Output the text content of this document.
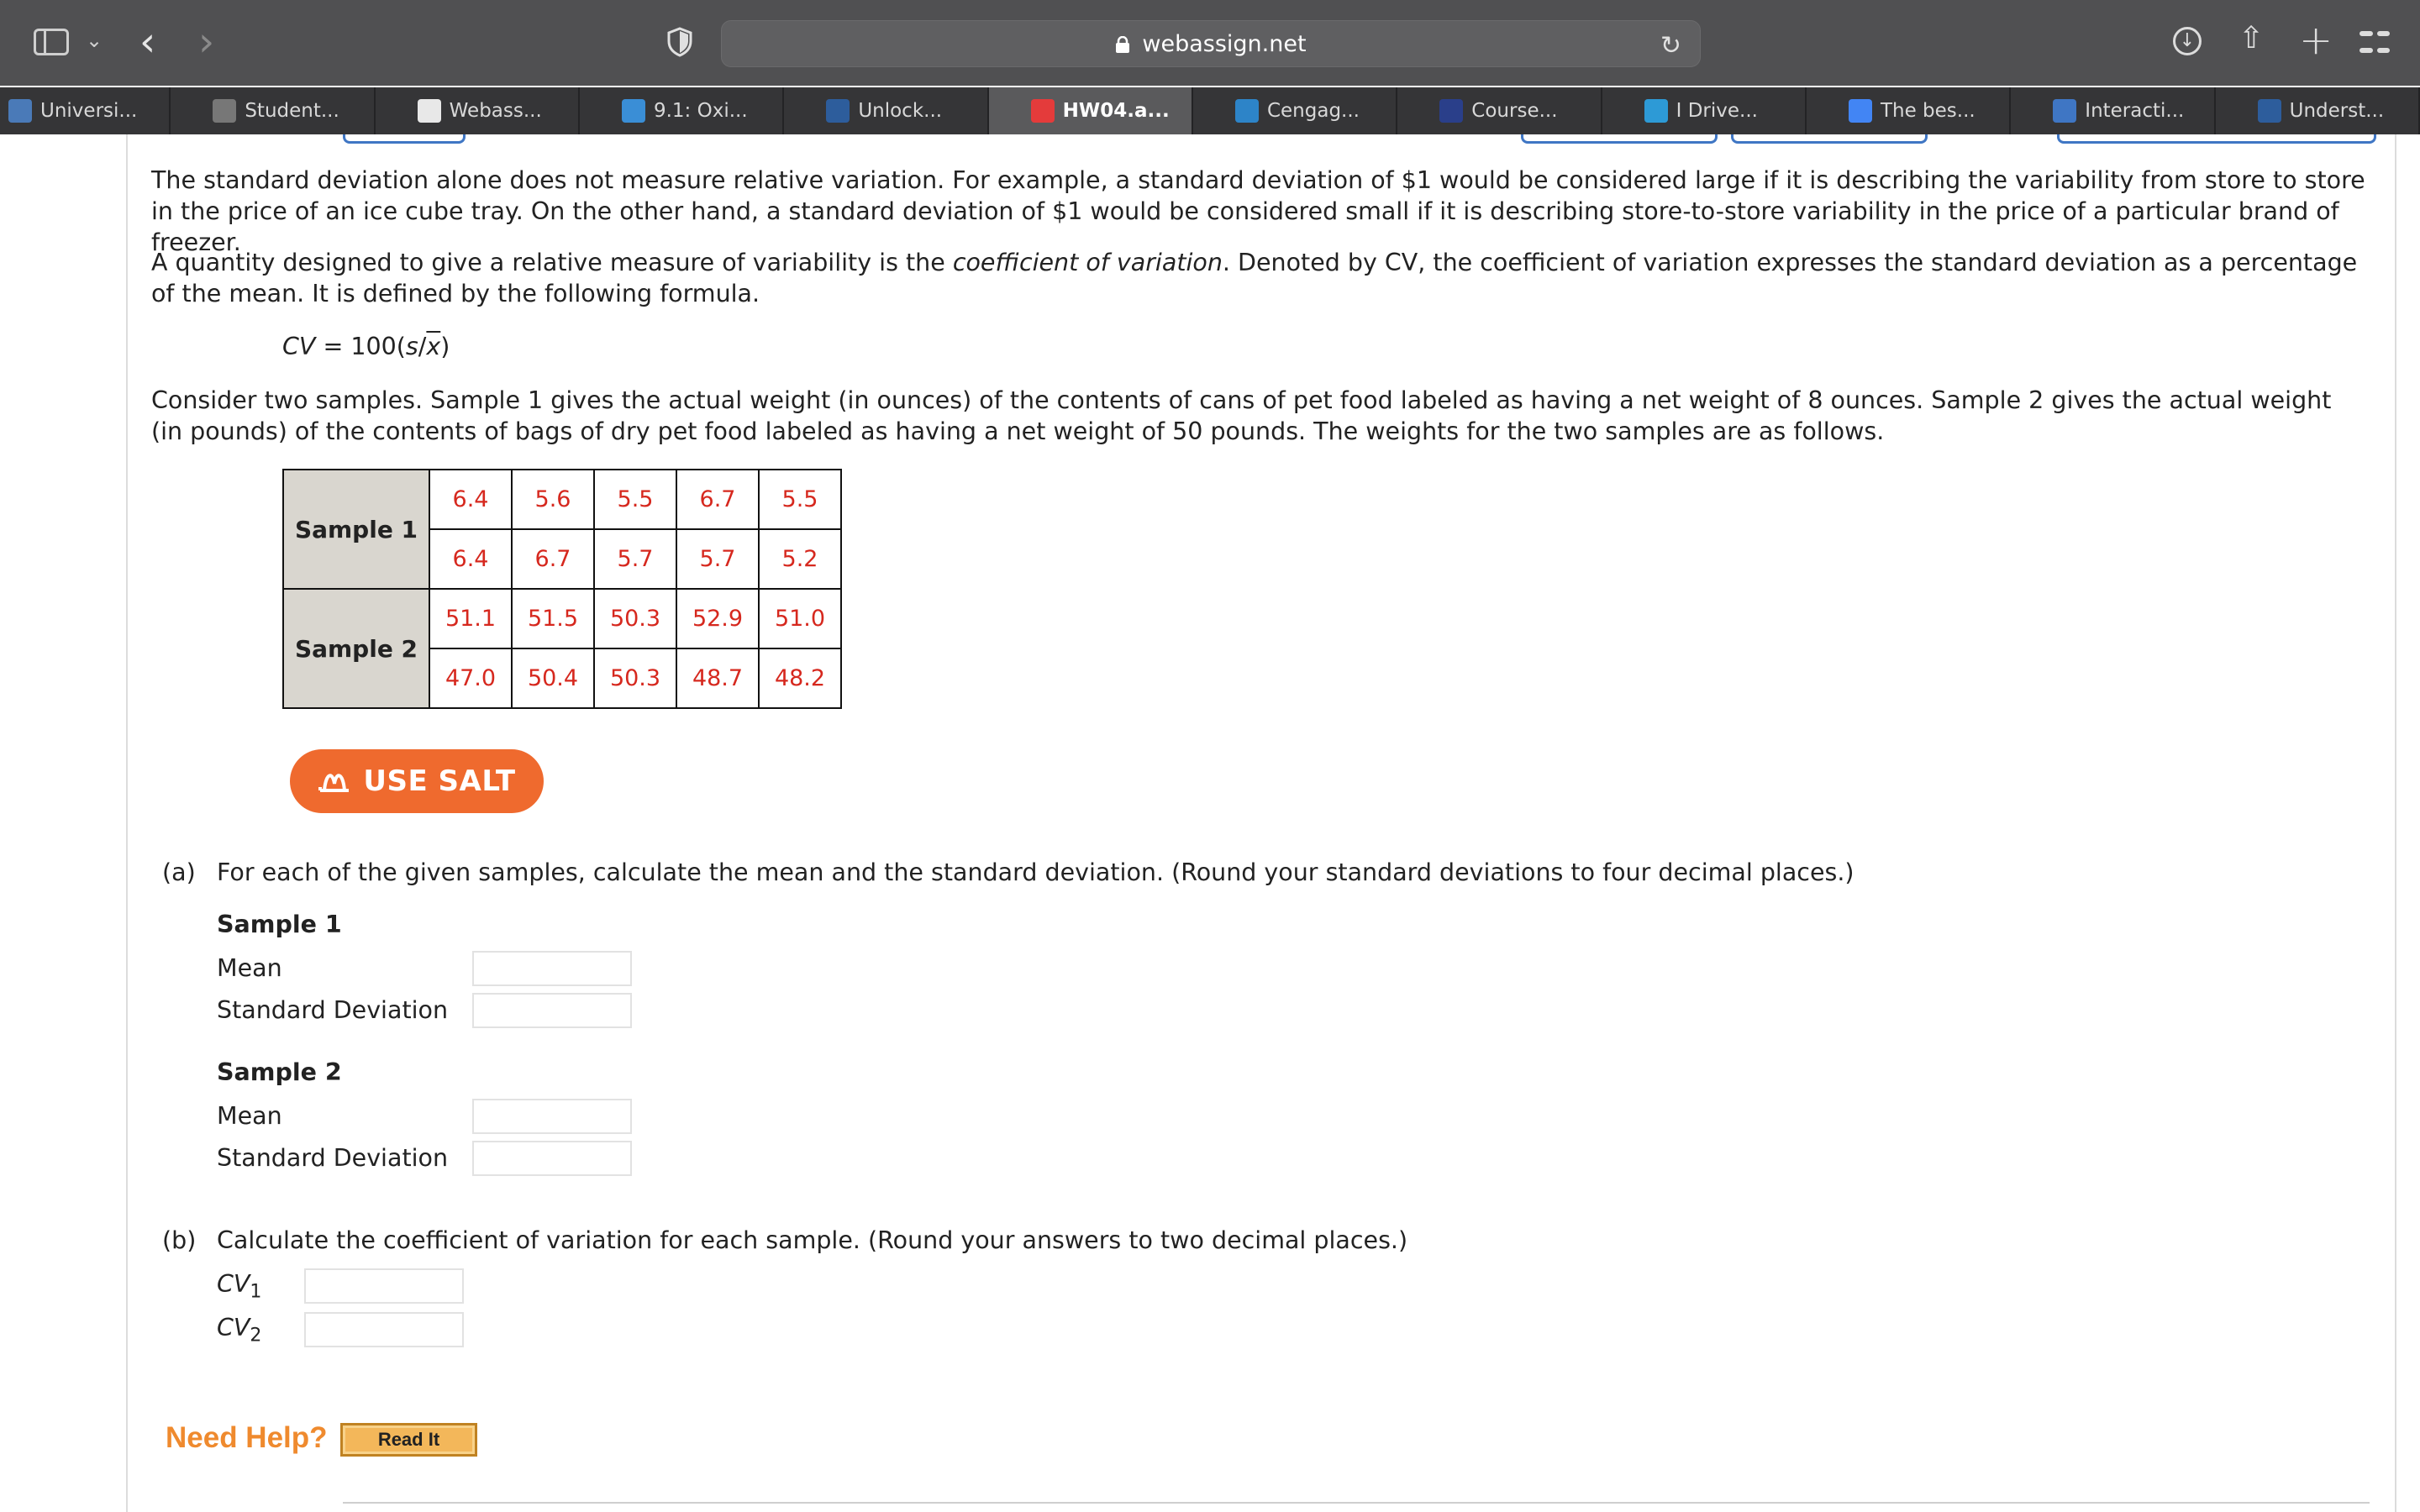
⌄ ‹ ›	webassign.net	↻	↓ ⇧ +
Universi...	Student...	Webass...	9.1: Oxi...	Unlock...	HW04.a...	Cengag...	Course...	I Drive...	The bes...	Interacti...	Underst...

The standard deviation alone does not measure relative variation. For example, a standard deviation of $1 would be considered large if it is describing the variability from store to store in the price of an ice cube tray. On the other hand, a standard deviation of $1 would be considered small if it is describing store-to-store variability in the price of a particular brand of freezer.

A quantity designed to give a relative measure of variability is the coefficient of variation. Denoted by CV, the coefficient of variation expresses the standard deviation as a percentage of the mean. It is defined by the following formula.

CV = $100(s/\overline{x})$

Consider two samples. Sample 1 gives the actual weight (in ounces) of the contents of cans of pet food labeled as having a net weight of 8 ounces. Sample 2 gives the actual weight (in pounds) of the contents of bags of dry pet food labeled as having a net weight of 50 pounds. The weights for the two samples are as follows.

Sample 1	6.4	5.6	5.5	6.7	5.5
	6.4	6.7	5.7	5.7	5.2
Sample 2	51.1	51.5	50.3	52.9	51.0
	47.0	50.4	50.3	48.7	48.2
USE SALT
(a) For each of the given samples, calculate the mean and the standard deviation. (Round your standard deviations to four decimal places.)
Sample 1
Mean
Standard Deviation
Sample 2
Mean
Standard Deviation
(b) Calculate the coefficient of variation for each sample. (Round your answers to two decimal places.)
$CV_1$
$CV_2$
Need Help?	Read It
